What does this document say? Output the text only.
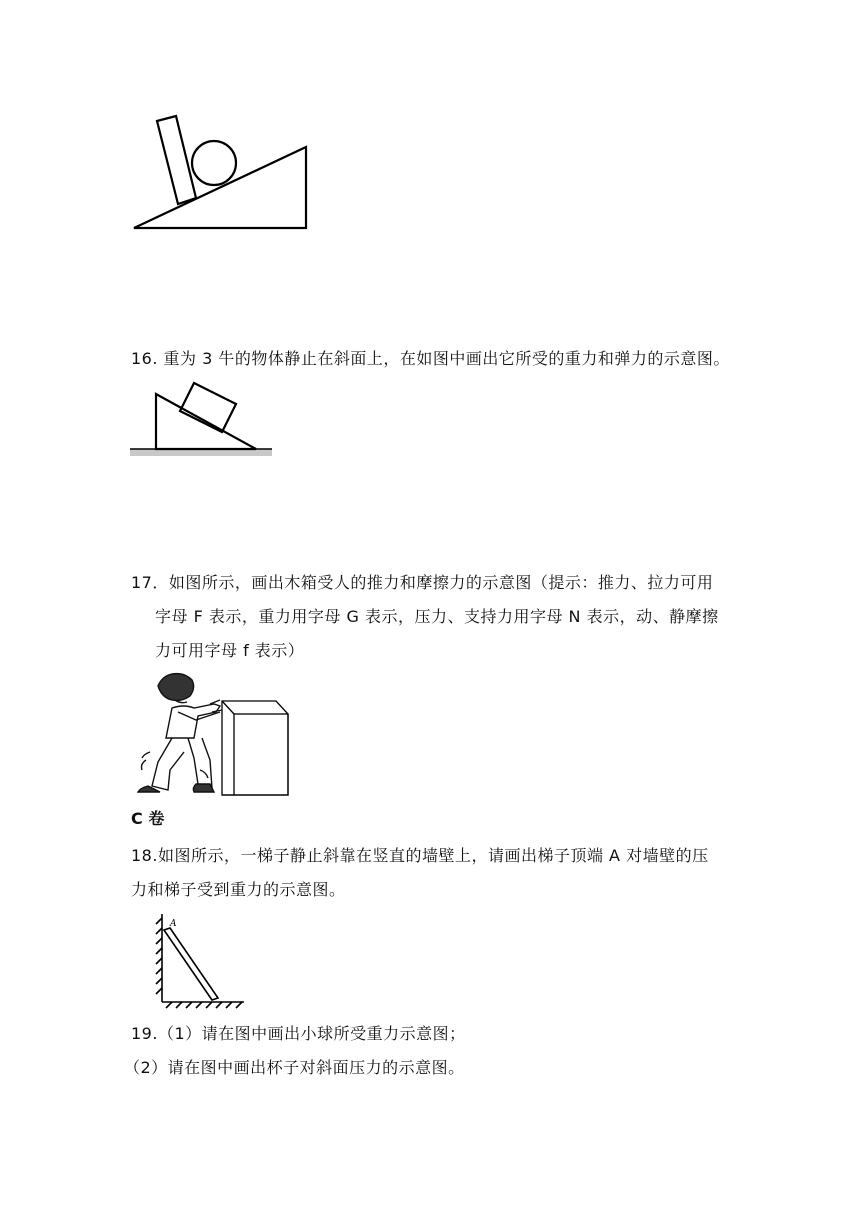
16. 重为 3 牛的物体静止在斜面上，在如图中画出它所受的重力和弹力的示意图。
17．如图所示，画出木箱受人的推力和摩擦力的示意图（提示：推力、拉力可用
字母 F 表示，重力用字母 G 表示，压力、支持力用字母 N 表示，动、静摩擦
力可用字母 f 表示）
C 卷
18.如图所示，一梯子静止斜靠在竖直的墙壁上，请画出梯子顶端 A 对墙壁的压
力和梯子受到重力的示意图。
A
19.（1）请在图中画出小球所受重力示意图；
（2）请在图中画出杯子对斜面压力的示意图。
